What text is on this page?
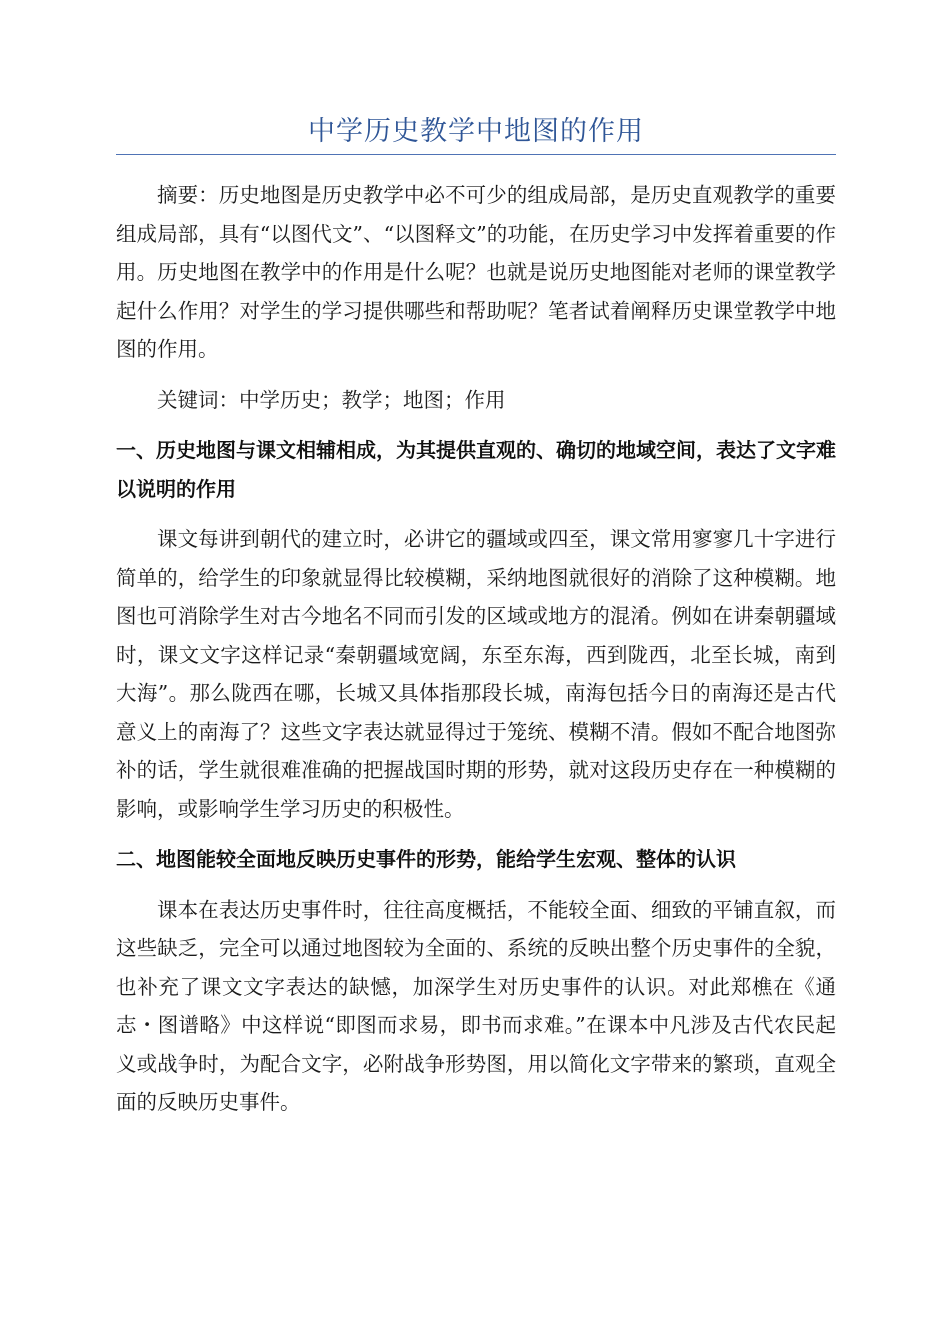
中学历史教学中地图的作用

摘要：历史地图是历史教学中必不可少的组成局部，是历史直观教学的重要组成局部，具有“以图代文”、“以图释文”的功能，在历史学习中发挥着重要的作用。历史地图在教学中的作用是什么呢？也就是说历史地图能对老师的课堂教学起什么作用？对学生的学习提供哪些和帮助呢？笔者试着阐释历史课堂教学中地图的作用。

关键词：中学历史；教学；地图；作用

一、历史地图与课文相辅相成，为其提供直观的、确切的地域空间，表达了文字难以说明的作用

课文每讲到朝代的建立时，必讲它的疆域或四至，课文常用寥寥几十字进行简单的，给学生的印象就显得比较模糊，采纳地图就很好的消除了这种模糊。地图也可消除学生对古今地名不同而引发的区域或地方的混淆。例如在讲秦朝疆域时，课文文字这样记录“秦朝疆域宽阔，东至东海，西到陇西，北至长城，南到大海”。那么陇西在哪，长城又具体指那段长城，南海包括今日的南海还是古代意义上的南海了？这些文字表达就显得过于笼统、模糊不清。假如不配合地图弥补的话，学生就很难准确的把握战国时期的形势，就对这段历史存在一种模糊的影响，或影响学生学习历史的积极性。

二、地图能较全面地反映历史事件的形势，能给学生宏观、整体的认识

课本在表达历史事件时，往往高度概括，不能较全面、细致的平铺直叙，而这些缺乏，完全可以通过地图较为全面的、系统的反映出整个历史事件的全貌，也补充了课文文字表达的缺憾，加深学生对历史事件的认识。对此郑樵在《通志・图谱略》中这样说“即图而求易，即书而求难。”在课本中凡涉及古代农民起义或战争时，为配合文字，必附战争形势图，用以简化文字带来的繁琐，直观全面的反映历史事件。
